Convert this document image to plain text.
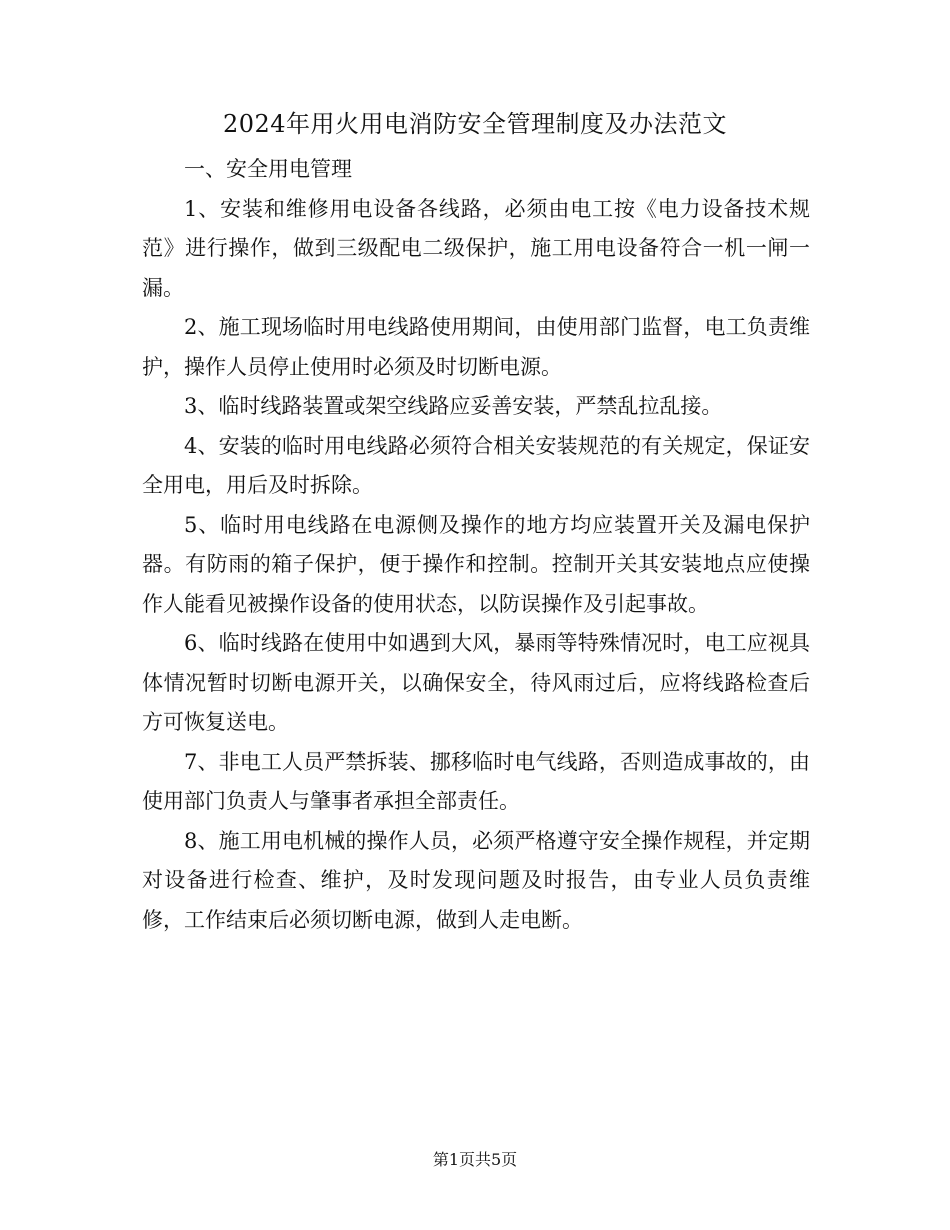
2024年用火用电消防安全管理制度及办法范文

一、安全用电管理

1、安装和维修用电设备各线路，必须由电工按《电力设备技术规范》进行操作，做到三级配电二级保护，施工用电设备符合一机一闸一漏。

2、施工现场临时用电线路使用期间，由使用部门监督，电工负责维护，操作人员停止使用时必须及时切断电源。

3、临时线路装置或架空线路应妥善安装，严禁乱拉乱接。

4、安装的临时用电线路必须符合相关安装规范的有关规定，保证安全用电，用后及时拆除。

5、临时用电线路在电源侧及操作的地方均应装置开关及漏电保护器。有防雨的箱子保护，便于操作和控制。控制开关其安装地点应使操作人能看见被操作设备的使用状态，以防误操作及引起事故。

6、临时线路在使用中如遇到大风，暴雨等特殊情况时，电工应视具体情况暂时切断电源开关，以确保安全，待风雨过后，应将线路检查后方可恢复送电。

7、非电工人员严禁拆装、挪移临时电气线路，否则造成事故的，由使用部门负责人与肇事者承担全部责任。

8、施工用电机械的操作人员，必须严格遵守安全操作规程，并定期对设备进行检查、维护，及时发现问题及时报告，由专业人员负责维修，工作结束后必须切断电源，做到人走电断。

第1页共5页
